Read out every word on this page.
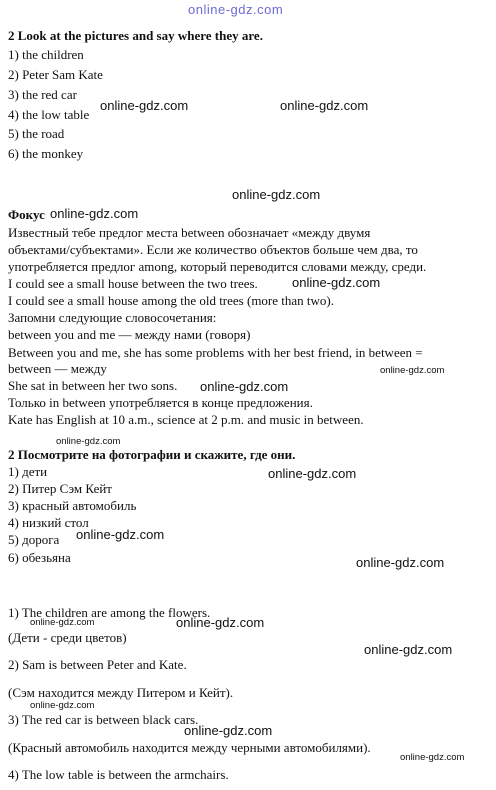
online-gdz.com
2 Look at the pictures and say where they are.
1) the children
2) Peter Sam Kate
3) the red car
4) the low table
5) the road
6) the monkey
Фокус
Известный тебе предлог места between обозначает «между двумя
объектами/субъектами». Если же количество объектов больше чем два, то
употребляется предлог among, который переводится словами между, среди.
I could see a small house between the two trees.
I could see a small house among the old trees (more than two).
Запомни следующие словосочетания:
between you and me — между нами (говоря)
Between you and me, she has some problems with her best friend, in between =
between — между
She sat in between her two sons.
Только in between употребляется в конце предложения.
Kate has English at 10 a.m., science at 2 p.m. and music in between.
2 Посмотрите на фотографии и скажите, где они.
1) дети
2) Питер Сэм Кейт
3) красный автомобиль
4) низкий стол
5) дорога
6) обезьяна
1) The children are among the flowers.
(Дети - среди цветов)
2) Sam is between Peter and Kate.
(Сэм находится между Питером и Кейт).
3) The red car is between black cars.
(Красный автомобиль находится между черными автомобилями).
4) The low table is between the armchairs.
online-gdz.com	online-gdz.com
online-gdz.com
online-gdz.com
online-gdz.com
online-gdz.com
online-gdz.com
online-gdz.com
online-gdz.com
online-gdz.com
online-gdz.com
online-gdz.com	online-gdz.com
online-gdz.com
online-gdz.com
online-gdz.com
online-gdz.com
